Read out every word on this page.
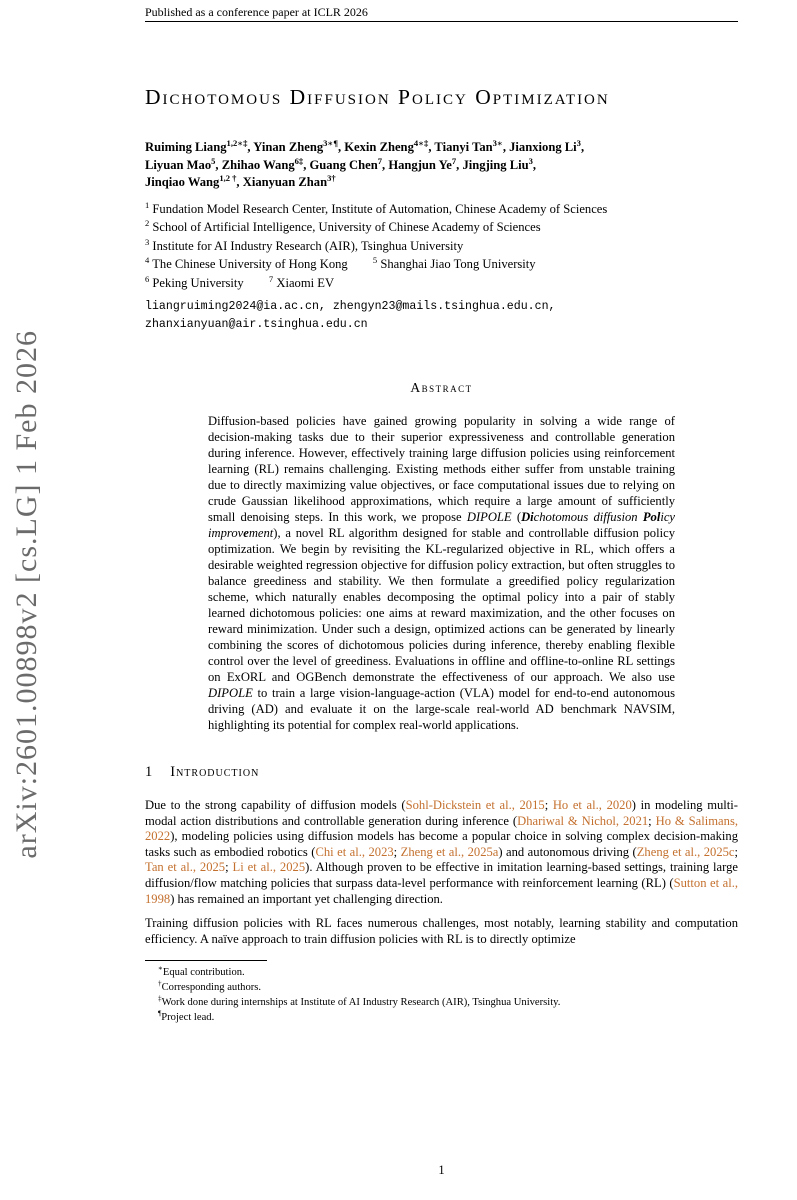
arXiv:2601.00898v2 [cs.LG] 1 Feb 2026
Published as a conference paper at ICLR 2026
Dichotomous Diffusion Policy Optimization
Ruiming Liang$^{1,2∗\ddagger}$, Yinan Zheng$^{3∗\P}$, Kexin Zheng$^{4∗\ddagger}$, Tianyi Tan$^{3∗}$, Jianxiong Li$^3$,
Liyuan Mao$^5$, Zhihao Wang$^{6\ddagger}$, Guang Chen$^7$, Hangjun Ye$^7$, Jingjing Liu$^3$,
Jinqiao Wang$^{1,2 \dagger}$, Xianyuan Zhan$^{3\dagger}$
$^1$ Fundation Model Research Center, Institute of Automation, Chinese Academy of Sciences
$^2$ School of Artificial Intelligence, University of Chinese Academy of Sciences
$^3$ Institute for AI Industry Research (AIR), Tsinghua University
$^4$ The Chinese University of Hong Kong  $^5$ Shanghai Jiao Tong University
$^6$ Peking University  $^7$ Xiaomi EV
liangruiming2024@ia.ac.cn, zhengyn23@mails.tsinghua.edu.cn,
zhanxianyuan@air.tsinghua.edu.cn
Abstract
Diffusion-based policies have gained growing popularity in solving a wide range of decision-making tasks due to their superior expressiveness and controllable generation during inference. However, effectively training large diffusion policies using reinforcement learning (RL) remains challenging. Existing methods either suffer from unstable training due to directly maximizing value objectives, or face computational issues due to relying on crude Gaussian likelihood approximations, which require a large amount of sufficiently small denoising steps. In this work, we propose DIPOLE (Dichotomous diffusion Policy improvement), a novel RL algorithm designed for stable and controllable diffusion policy optimization. We begin by revisiting the KL-regularized objective in RL, which offers a desirable weighted regression objective for diffusion policy extraction, but often struggles to balance greediness and stability. We then formulate a greedified policy regularization scheme, which naturally enables decomposing the optimal policy into a pair of stably learned dichotomous policies: one aims at reward maximization, and the other focuses on reward minimization. Under such a design, optimized actions can be generated by linearly combining the scores of dichotomous policies during inference, thereby enabling flexible control over the level of greediness. Evaluations in offline and offline-to-online RL settings on ExORL and OGBench demonstrate the effectiveness of our approach. We also use DIPOLE to train a large vision-language-action (VLA) model for end-to-end autonomous driving (AD) and evaluate it on the large-scale real-world AD benchmark NAVSIM, highlighting its potential for complex real-world applications.
1 Introduction

Due to the strong capability of diffusion models (Sohl-Dickstein et al., 2015; Ho et al., 2020) in modeling multi-modal action distributions and controllable generation during inference (Dhariwal & Nichol, 2021; Ho & Salimans, 2022), modeling policies using diffusion models has become a popular choice in solving complex decision-making tasks such as embodied robotics (Chi et al., 2023; Zheng et al., 2025a) and autonomous driving (Zheng et al., 2025c; Tan et al., 2025; Li et al., 2025). Although proven to be effective in imitation learning-based settings, training large diffusion/flow matching policies that surpass data-level performance with reinforcement learning (RL) (Sutton et al., 1998) has remained an important yet challenging direction.

Training diffusion policies with RL faces numerous challenges, most notably, learning stability and computation efficiency. A naïve approach to train diffusion policies with RL is to directly optimize

∗Equal contribution.
†Corresponding authors.
‡Work done during internships at Institute of AI Industry Research (AIR), Tsinghua University.
¶Project lead.
1
